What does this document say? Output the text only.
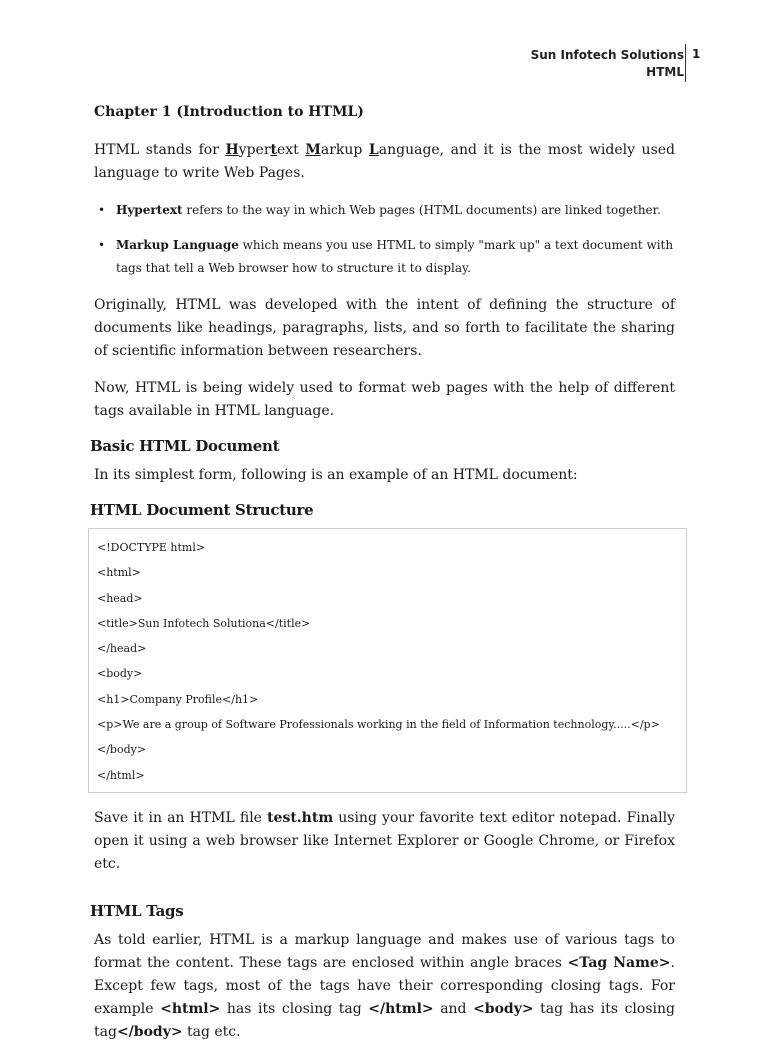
Sun Infotech Solutions
HTML
1

Chapter 1 (Introduction to HTML)

HTML stands for Hypertext Markup Language, and it is the most widely used language to write Web Pages.

• Hypertext refers to the way in which Web pages (HTML documents) are linked together.
• Markup Language which means you use HTML to simply "mark up" a text document with tags that tell a Web browser how to structure it to display.

Originally, HTML was developed with the intent of defining the structure of documents like headings, paragraphs, lists, and so forth to facilitate the sharing of scientific information between researchers.

Now, HTML is being widely used to format web pages with the help of different tags available in HTML language.

Basic HTML Document

In its simplest form, following is an example of an HTML document:

HTML Document Structure
<!DOCTYPE html>
<html>
<head>
<title>Sun Infotech Solutiona</title>
</head>
<body>
<h1>Company Profile</h1>
<p>We are a group of Software Professionals working in the field of Information technology.....</p>
</body>
</html>

Save it in an HTML file test.htm using your favorite text editor notepad. Finally open it using a web browser like Internet Explorer or Google Chrome, or Firefox etc.

HTML Tags

As told earlier, HTML is a markup language and makes use of various tags to format the content. These tags are enclosed within angle braces <Tag Name>. Except few tags, most of the tags have their corresponding closing tags. For example <html> has its closing tag </html> and <body> tag has its closing tag</body> tag etc.
